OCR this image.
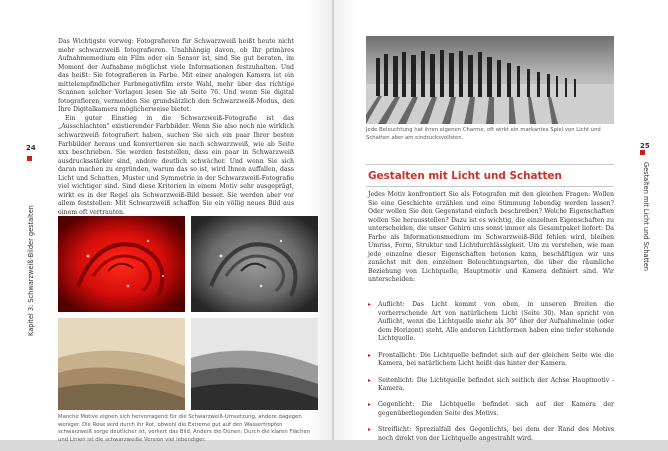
Das Wichtigste vorweg: Fotografieren für Schwarzweiß heißt heute nicht mehr schwarzweiß fotografieren. Unabhängig davon, ob Ihr primäres Aufnahmemedium ein Film oder ein Sensor ist, sind Sie gut beraten, im Moment der Aufnahme möglichst viele Informationen festzuhalten. Und das heißt: Sie fotografieren in Farbe. Mit einer analogen Kamera ist ein mittelempfindlicher Farbnegativfilm erste Wahl, mehr über das richtige Scannen solcher Vorlagen lesen Sie ab Seite 76. Und wenn Sie digital fotografieren, vermeiden Sie grundsätzlich den Schwarzweiß-Modus, den Ihre Digitalkamera möglicherweise bietet.

Ein guter Einstieg in die Schwarzweiß-Fotografie ist das „Ausschlachten" existierender Farbbilder. Wenn Sie also noch nie wirklich schwarzweiß fotografiert haben, suchen Sie sich ein paar Ihrer besten Farbbilder heraus und konvertieren sie nach schwarzweiß, wie ab Seite xxx beschrieben. Sie werden feststellen, dass ein paar in Schwarzweiß ausdrucksstärker sind, andere deutlich schwächer. Und wenn Sie sich daran machen zu ergründen, warum das so ist, wird Ihnen auffallen, dass Licht und Schatten, Muster und Symmetrie in der Schwarzweiß-Fotografie viel wichtiger sind. Sind diese Kriterien in einem Motiv sehr ausgeprägt, wirkt es in der Regel als Schwarzweiß-Bild besser. Sie werden aber vor allem feststellen: Mit Schwarzweiß schaffen Sie ein völlig neues Bild aus einem oft vertrauten.

24
Kapitel 3: Schwarzweiß-Bilder gestalten
Manche Motive eignen sich hervorragend für die Schwarzweiß-Umsetzung, andere dagegen weniger. Die Rose wird durch ihr Rot, obwohl die Extreme gut auf den Wassertropfen schwarzweiß sorge deutlicher ist, verliert das Bild. Anders die Dünen: Durch die klaren Flächen und Linien ist die schwarzweiße Version viel lebendiger.
Jede Beleuchtung hat ihren eigenen Charme, oft wirkt ein markantes Spiel von Licht und Schatten aber am eindrucksvollsten.
25
Gestalten mit Licht und Schatten
Gestalten mit Licht und Schatten

Jedes Motiv konfrontiert Sie als Fotografen mit den gleichen Fragen: Wollen Sie eine Geschichte erzählen und eine Stimmung lebendig werden lassen? Oder wollen Sie den Gegenstand einfach beschreiben? Welche Eigenschaften wollen Sie herausstellen? Dazu ist es wichtig, die einzelnen Eigenschaften zu unterscheiden, die unser Gehirn uns sonst immer als Gesamtpaket liefert: Da Farbe als Informationsmedium im Schwarzweiß-Bild fehlen wird, bleiben Umriss, Form, Struktur und Lichtdurchlässigkeit. Um zu verstehen, wie man jede einzelne dieser Eigenschaften betonen kann, beschäftigen wir uns zunächst mit den einzelnen Beleuchtungsarten, die über die räumliche Beziehung von Lichtquelle, Hauptmotiv und Kamera definiert sind. Wir unterscheiden:

▸ Auflicht: Das Licht kommt von oben, in unseren Breiten die vorherrschende Art von natürlichem Licht (Seite 30). Man spricht von Auflicht, wenn die Lichtquelle mehr als 30° über der Aufnahmelinie (oder dem Horizont) steht. Alle anderen Lichtformen haben eine tiefer stehende Lichtquelle.
▸ Frontallicht: Die Lichtquelle befindet sich auf der gleichen Seite wie die Kamera, bei natürlichem Licht heißt das hinter der Kamera.
▸ Seitenlicht: Die Lichtquelle befindet sich seitlich der Achse Hauptmotiv - Kamera.
▸ Gegenlicht: Die Lichtquelle befindet sich auf der Kamera der gegenüberliegenden Seite des Motivs.
▸ Streiflicht: Sprezialfall des Gegenlichts, bei dem der Rand des Motivs noch direkt von der Lichtquelle angestrahlt wird.
